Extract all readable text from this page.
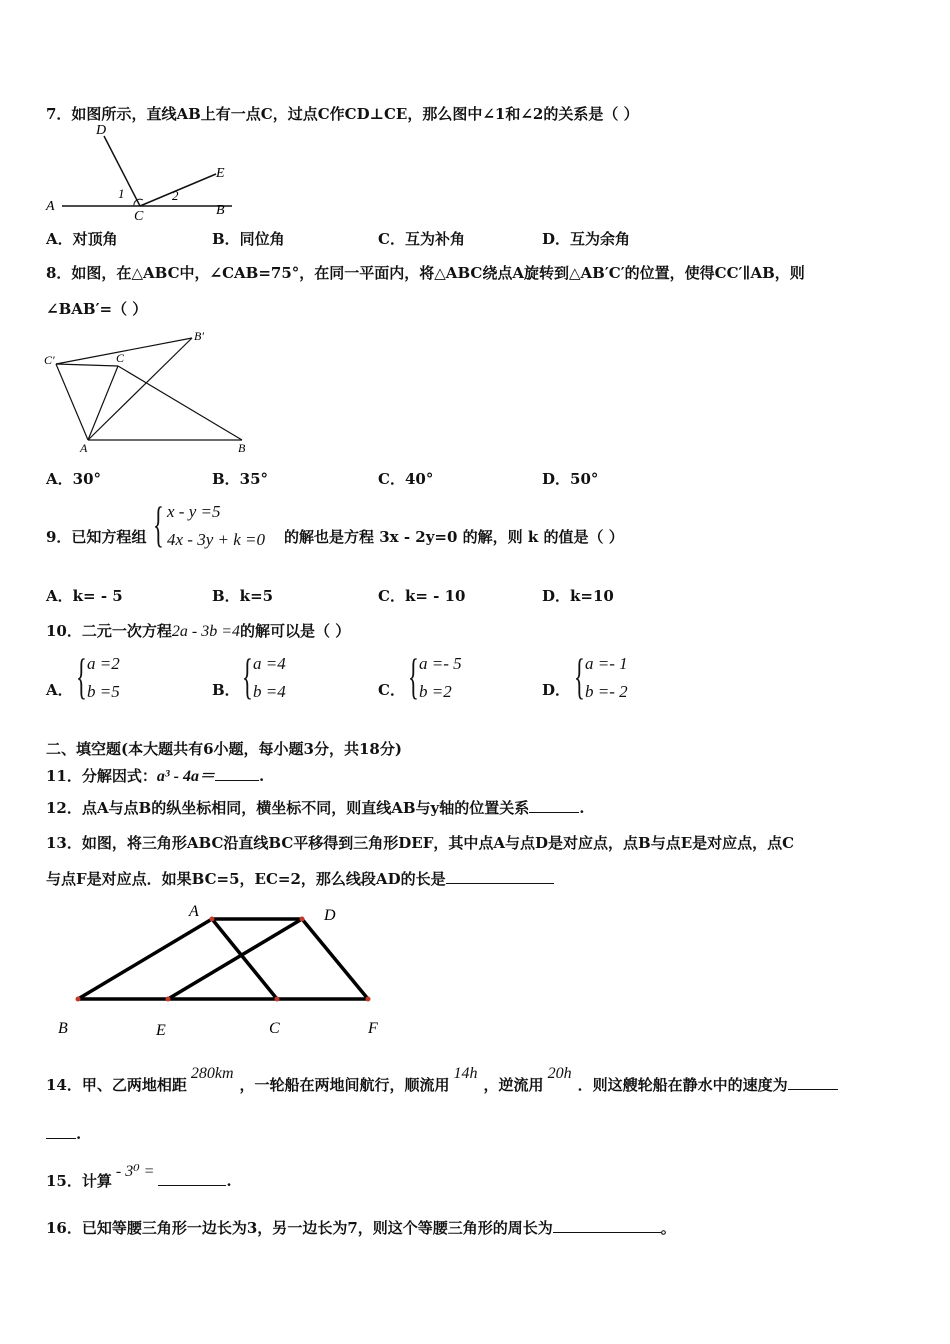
7．如图所示，直线AB上有一点C，过点C作CD⊥CE，那么图中∠1和∠2的关系是（ ）
D
E
A
C	B
1	2
A．对顶角	B．同位角	C．互为补角	D．互为余角
8．如图，在△ABC中，∠CAB=75°，在同一平面内，将△ABC绕点A旋转到△AB′C′的位置，使得CC′∥AB，则
∠BAB′=（ ）
B′
C′	C
A	B
A．30°	B．35°	C．40°	D．50°
9．已知方程组 { x - y =5
4x - 3y + k =0 的解也是方程 3x - 2y=0 的解，则 k 的值是（ ）
A．k= - 5	B．k=5	C．k= - 10	D．k=10
10．二元一次方程2a - 3b =4的解可以是（ ）
A． { a =2
b =5	B． { a =4
b =4	C． { a =- 5
b =2	D． { a =- 1
b =- 2
二、填空题(本大题共有6小题，每小题3分，共18分)
11．分解因式：a³ - 4a＝	.
12．点A与点B的纵坐标相同，横坐标不同，则直线AB与y轴的位置关系	.
13．如图，将三角形ABC沿直线BC平移得到三角形DEF，其中点A与点D是对应点，点B与点E是对应点，点C
与点F是对应点．如果BC=5，EC=2，那么线段AD的长是
A	D
B	E	C	F
14．甲、乙两地相距280km，一轮船在两地间航行，顺流用14h，逆流用20h．则这艘轮船在静水中的速度为
.
15．计算- 3⁰ =.
16．已知等腰三角形一边长为3，另一边长为7，则这个等腰三角形的周长为	。
